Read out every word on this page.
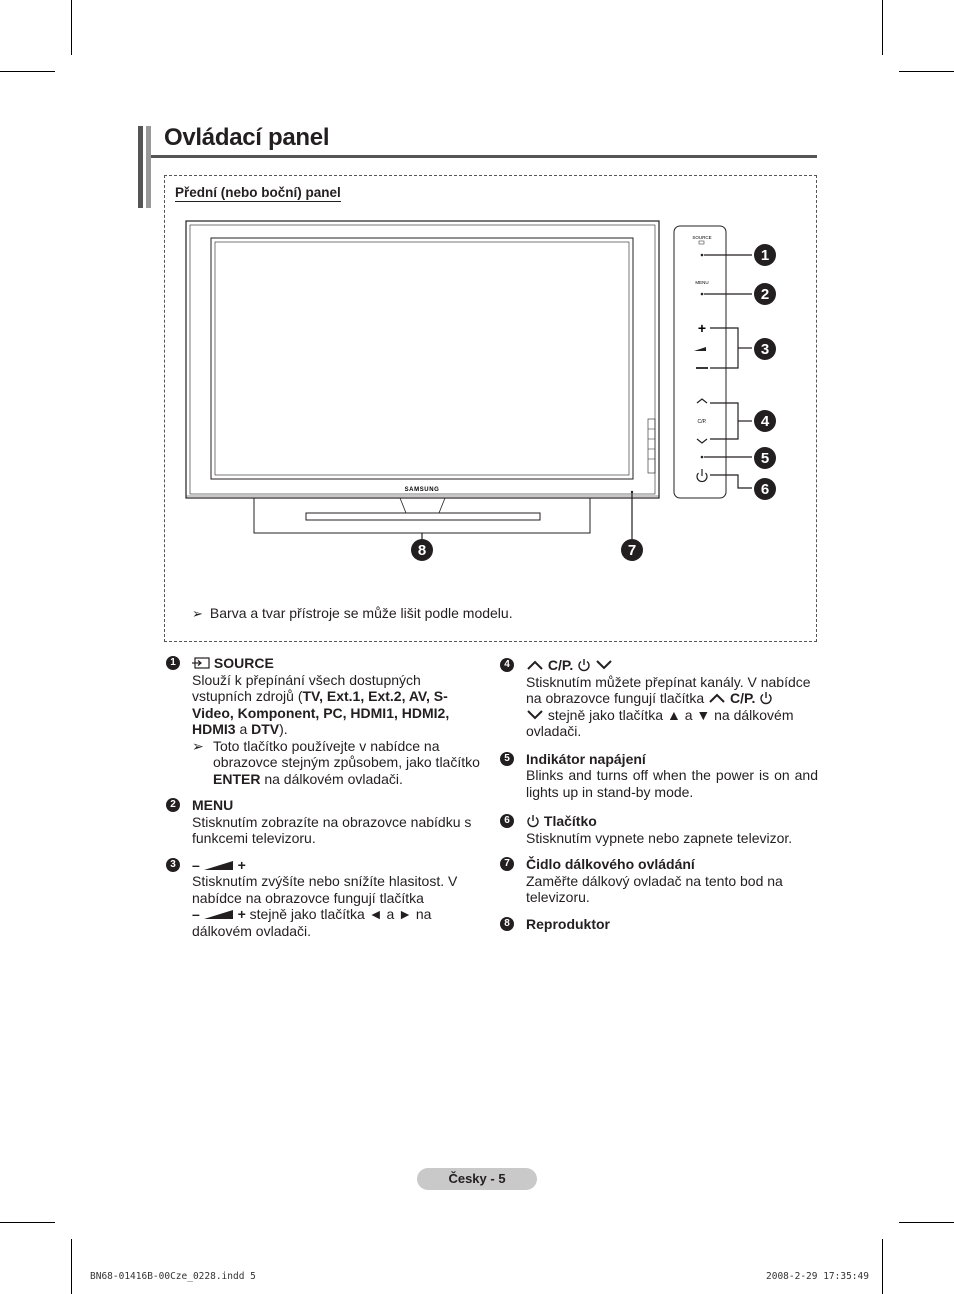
Ovládací panel
Přední (nebo boční) panel
SAMSUNG
SOURCE
MENU
+
C/P.
1
2
3
4
5
6
7
8
➢ Barva a tvar přístroje se může lišit podle modelu.
1	SOURCE
Slouží k přepínání všech dostupných vstupních zdrojů (TV, Ext.1, Ext.2, AV, S-Video, Komponent, PC, HDMI1, HDMI2, HDMI3 a DTV).
➢ Toto tlačítko používejte v nabídce na obrazovce stejným způsobem, jako tlačítko ENTER na dálkovém ovladači.
2	MENU
Stisknutím zobrazíte na obrazovce nabídku s funkcemi televizoru.
3	–	+
Stisknutím zvýšíte nebo snížíte hlasitost. V nabídce na obrazovce fungují tlačítka
–	+ stejně jako tlačítka ◄ a ► na dálkovém ovladači.
4	C/P.
Stisknutím můžete přepínat kanály. V nabídce na obrazovce fungují tlačítka  C/P.
stejně jako tlačítka ▲ a ▼ na dálkovém ovladači.
5	Indikátor napájení
Blinks and turns off when the power is on and lights up in stand-by mode.
6	Tlačítko
Stisknutím vypnete nebo zapnete televizor.
7	Čidlo dálkového ovládání
Zaměřte dálkový ovladač na tento bod na televizoru.
8	Reproduktor
Česky - 5
BN68-01416B-00Cze_0228.indd 5	2008-2-29 17:35:49
